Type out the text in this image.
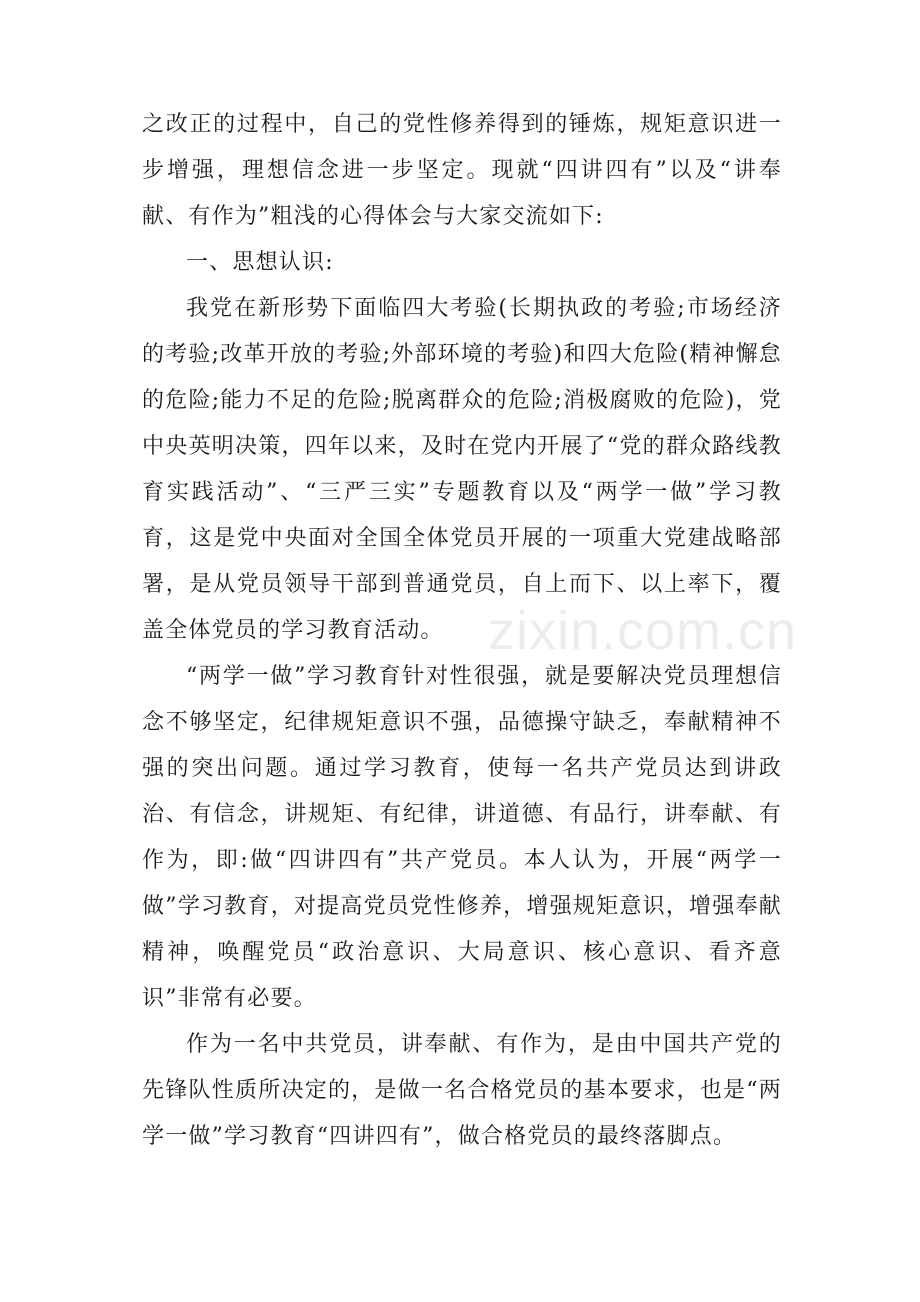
之改正的过程中，自己的党性修养得到的锤炼，规矩意识进一步增强，理想信念进一步坚定。现就“四讲四有”以及“讲奉献、有作为”粗浅的心得体会与大家交流如下:

一、思想认识:

我党在新形势下面临四大考验(长期执政的考验;市场经济的考验;改革开放的考验;外部环境的考验)和四大危险(精神懈怠的危险;能力不足的危险;脱离群众的危险;消极腐败的危险)，党中央英明决策，四年以来，及时在党内开展了“党的群众路线教育实践活动”、“三严三实”专题教育以及“两学一做”学习教育，这是党中央面对全国全体党员开展的一项重大党建战略部署，是从党员领导干部到普通党员，自上而下、以上率下，覆盖全体党员的学习教育活动。

“两学一做”学习教育针对性很强，就是要解决党员理想信念不够坚定，纪律规矩意识不强，品德操守缺乏，奉献精神不强的突出问题。通过学习教育，使每一名共产党员达到讲政治、有信念，讲规矩、有纪律，讲道德、有品行，讲奉献、有作为，即:做“四讲四有”共产党员。本人认为，开展“两学一做”学习教育，对提高党员党性修养，增强规矩意识，增强奉献精神，唤醒党员“政治意识、大局意识、核心意识、看齐意识”非常有必要。

作为一名中共党员，讲奉献、有作为，是由中国共产党的先锋队性质所决定的，是做一名合格党员的基本要求，也是“两学一做”学习教育“四讲四有”，做合格党员的最终落脚点。

zixin.com.cn
